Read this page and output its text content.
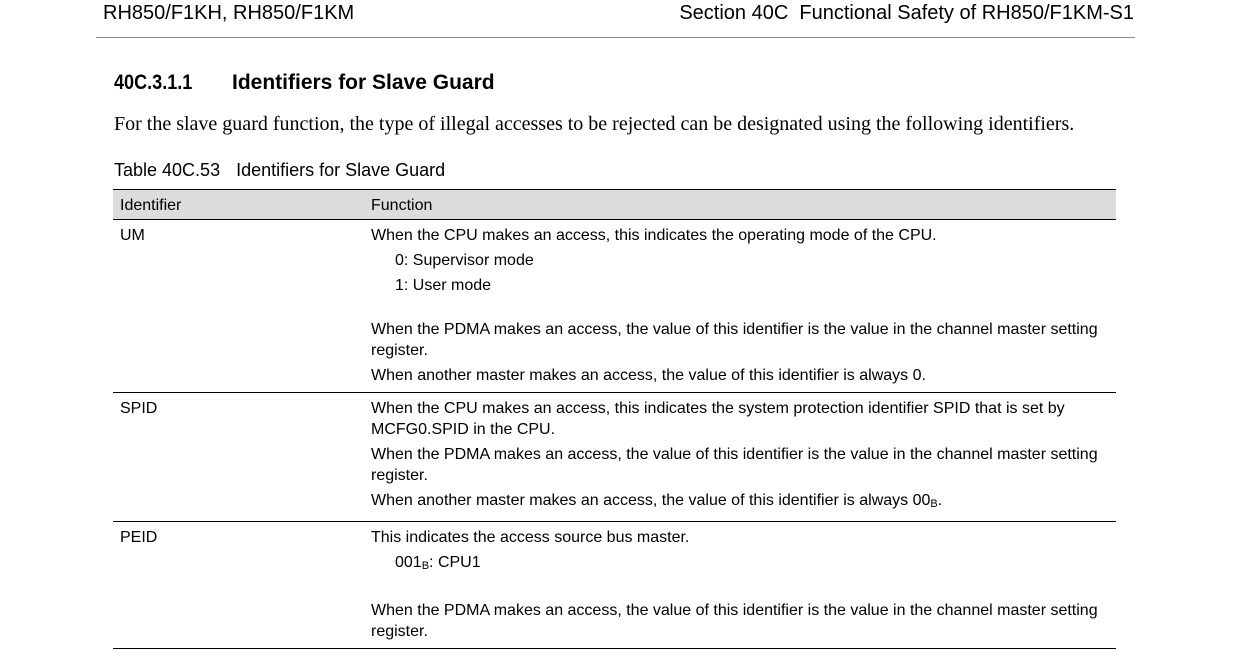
RH850/F1KH, RH850/F1KM	Section 40C  Functional Safety of RH850/F1KM-S1
40C.3.1.1 Identifiers for Slave Guard
For the slave guard function, the type of illegal accesses to be rejected can be designated using the following identifiers.
Table 40C.53 Identifiers for Slave Guard
Identifier	Function
UM	When the CPU makes an access, this indicates the operating mode of the CPU.
0: Supervisor mode
1: User mode
When the PDMA makes an access, the value of this identifier is the value in the channel master setting register.
When another master makes an access, the value of this identifier is always 0.

SPID	When the CPU makes an access, this indicates the system protection identifier SPID that is set by MCFG0.SPID in the CPU.
When the PDMA makes an access, the value of this identifier is the value in the channel master setting register.
When another master makes an access, the value of this identifier is always $00_B$.

PEID	This indicates the access source bus master.
$001_B$: CPU1
When the PDMA makes an access, the value of this identifier is the value in the channel master setting register.
